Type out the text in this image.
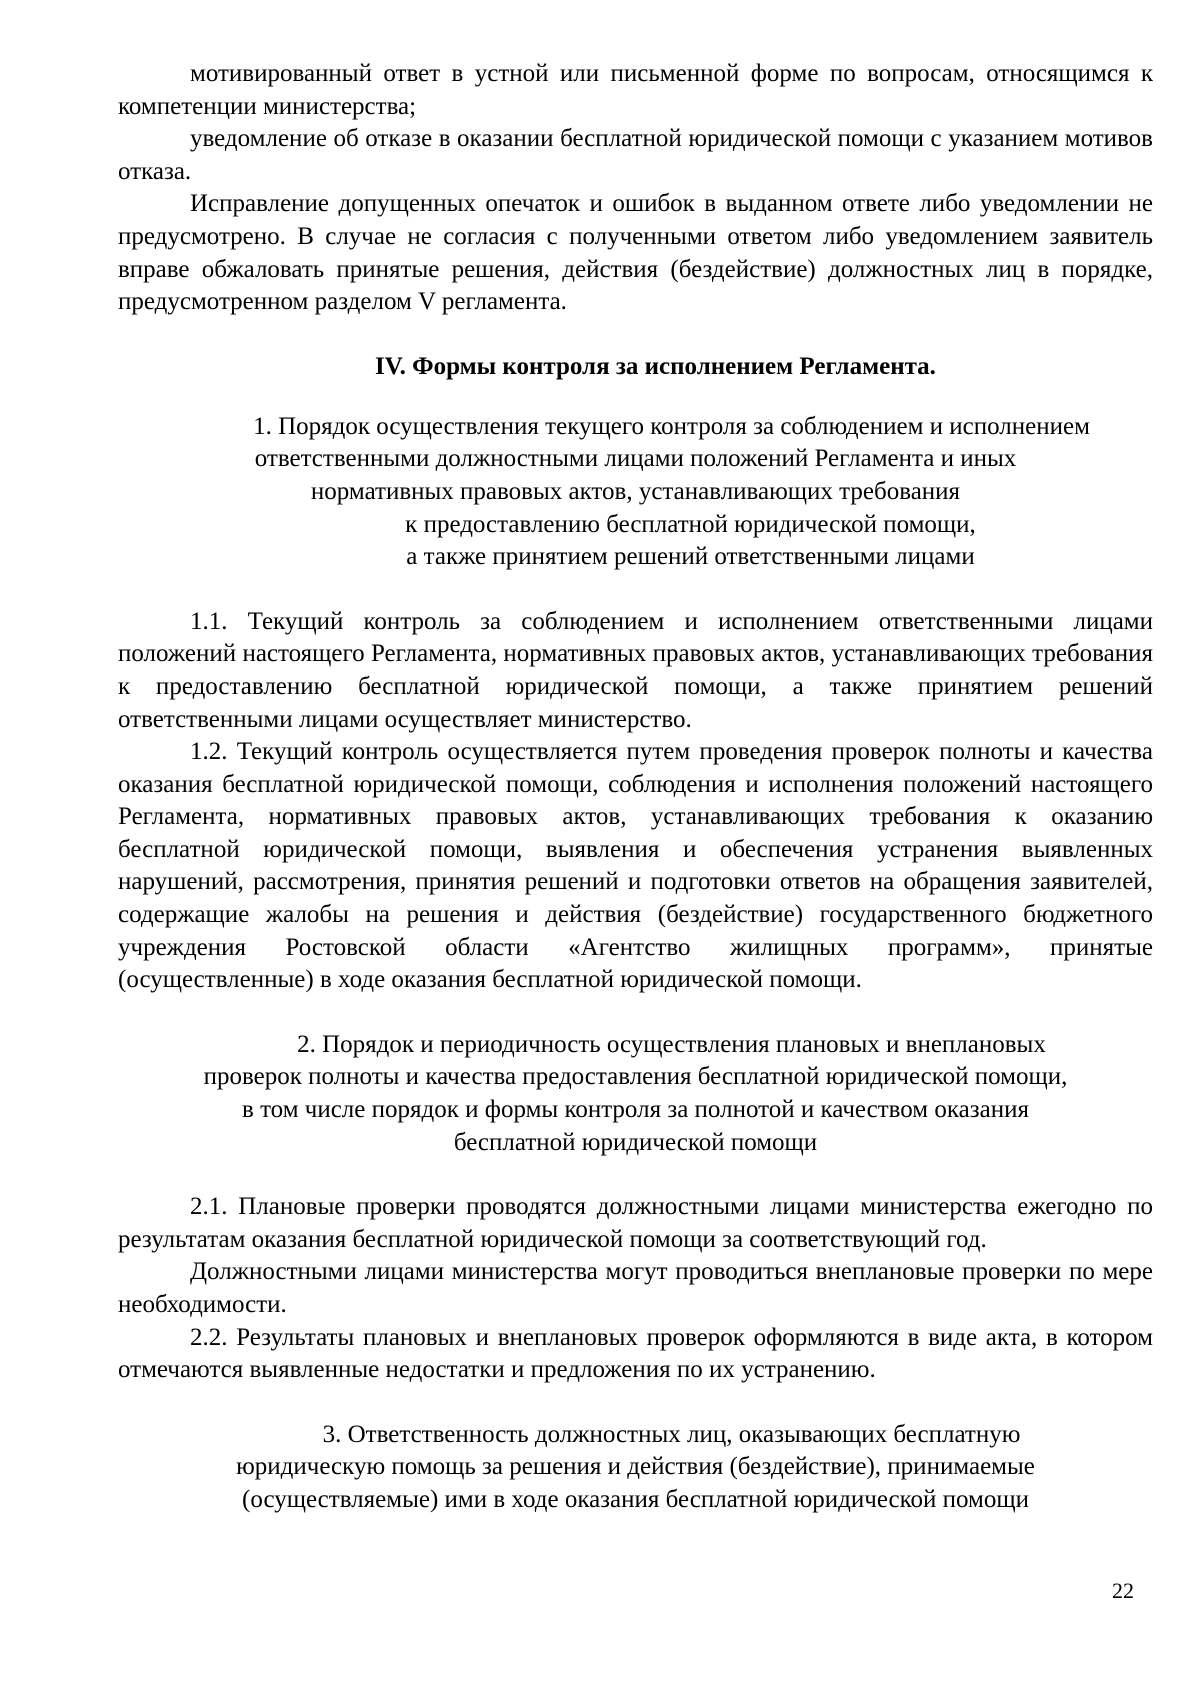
мотивированный ответ в устной или письменной форме по вопросам, относящимся к компетенции министерства;

уведомление об отказе в оказании бесплатной юридической помощи с указанием мотивов отказа.

Исправление допущенных опечаток и ошибок в выданном ответе либо уведомлении не предусмотрено. В случае не согласия с полученными ответом либо уведомлением заявитель вправе обжаловать принятые решения, действия (бездействие) должностных лиц в порядке, предусмотренном разделом V регламента.

IV. Формы контроля за исполнением Регламента.
1. Порядок осуществления текущего контроля за соблюдением и исполнением
ответственными должностными лицами положений Регламента и иных
нормативных правовых актов, устанавливающих требования
к предоставлению бесплатной юридической помощи,
а также принятием решений ответственными лицами

1.1. Текущий контроль за соблюдением и исполнением ответственными лицами положений настоящего Регламента, нормативных правовых актов, устанавливающих требования к предоставлению бесплатной юридической помощи, а также принятием решений ответственными лицами осуществляет министерство.

1.2. Текущий контроль осуществляется путем проведения проверок полноты и качества оказания бесплатной юридической помощи, соблюдения и исполнения положений настоящего Регламента, нормативных правовых актов, устанавливающих требования к оказанию бесплатной юридической помощи, выявления и обеспечения устранения выявленных нарушений, рассмотрения, принятия решений и подготовки ответов на обращения заявителей, содержащие жалобы на решения и действия (бездействие) государственного бюджетного учреждения Ростовской области «Агентство жилищных программ», принятые (осуществленные) в ходе оказания бесплатной юридической помощи.

2. Порядок и периодичность осуществления плановых и внеплановых
проверок полноты и качества предоставления бесплатной юридической помощи,
в том числе порядок и формы контроля за полнотой и качеством оказания
бесплатной юридической помощи

2.1. Плановые проверки проводятся должностными лицами министерства ежегодно по результатам оказания бесплатной юридической помощи за соответствующий год.

Должностными лицами министерства могут проводиться внеплановые проверки по мере необходимости.

2.2. Результаты плановых и внеплановых проверок оформляются в виде акта, в котором отмечаются выявленные недостатки и предложения по их устранению.

3. Ответственность должностных лиц, оказывающих бесплатную
юридическую помощь за решения и действия (бездействие), принимаемые
(осуществляемые) ими в ходе оказания бесплатной юридической помощи
22
